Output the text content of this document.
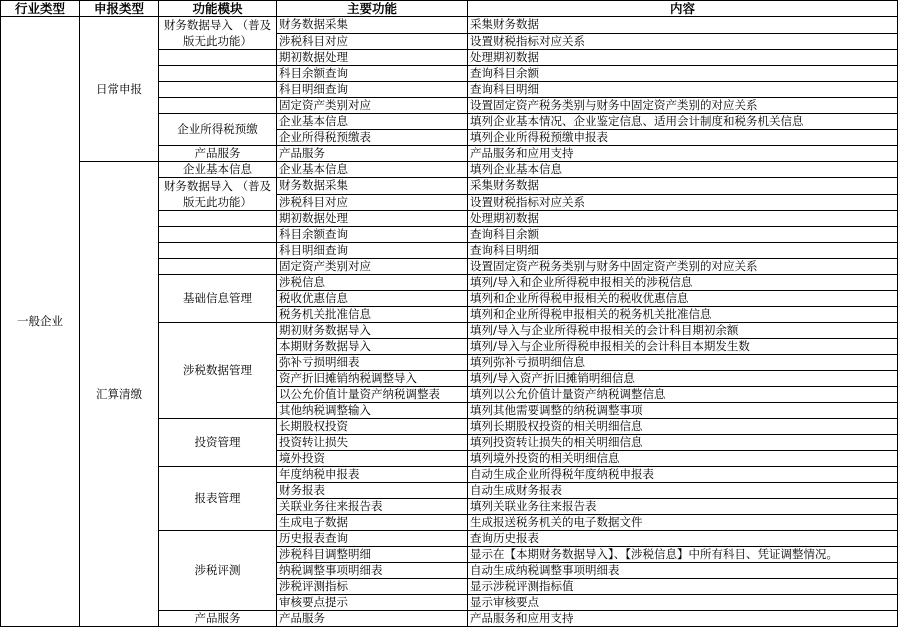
行业类型	申报类型	功能模块	主要功能	内容
一般企业	日常申报	财务数据导入 （普及版无此功能）	财务数据采集	采集财务数据
			涉税科目对应	设置财税指标对应关系
			期初数据处理	处理期初数据
			科目余额查询	查询科目余额
			科目明细查询	查询科目明细
			固定资产类别对应	设置固定资产税务类别与财务中固定资产类别的对应关系
		企业所得税预缴	企业基本信息	填列企业基本情况、企业鉴定信息、适用会计制度和税务机关信息
			企业所得税预缴表	填列企业所得税预缴申报表
		产品服务	产品服务	产品服务和应用支持
	汇算清缴	企业基本信息	企业基本信息	填列企业基本信息
		财务数据导入 （普及版无此功能）	财务数据采集	采集财务数据
			涉税科目对应	设置财税指标对应关系
			期初数据处理	处理期初数据
			科目余额查询	查询科目余额
			科目明细查询	查询科目明细
			固定资产类别对应	设置固定资产税务类别与财务中固定资产类别的对应关系
		基础信息管理	涉税信息	填列/导入和企业所得税申报相关的涉税信息
			税收优惠信息	填列和企业所得税申报相关的税收优惠信息
			税务机关批准信息	填列和企业所得税申报相关的税务机关批准信息
		涉税数据管理	期初财务数据导入	填列/导入与企业所得税申报相关的会计科目期初余额
			本期财务数据导入	填列/导入与企业所得税申报相关的会计科目本期发生数
			弥补亏损明细表	填列弥补亏损明细信息
			资产折旧摊销纳税调整导入	填列/导入资产折旧摊销明细信息
			以公允价值计量资产纳税调整表	填列以公允价值计量资产纳税调整信息
			其他纳税调整输入	填列其他需要调整的纳税调整事项
		投资管理	长期股权投资	填列长期股权投资的相关明细信息
			投资转让损失	填列投资转让损失的相关明细信息
			境外投资	填列境外投资的相关明细信息
		报表管理	年度纳税申报表	自动生成企业所得税年度纳税申报表
			财务报表	自动生成财务报表
			关联业务往来报告表	填列关联业务往来报告表
			生成电子数据	生成报送税务机关的电子数据文件
		涉税评测	历史报表查询	查询历史报表
			涉税科目调整明细	显示在【本期财务数据导入】、【涉税信息】中所有科目、凭证调整情况。
			纳税调整事项明细表	自动生成纳税调整事项明细表
			涉税评测指标	显示涉税评测指标值
			审核要点提示	显示审核要点
		产品服务	产品服务	产品服务和应用支持
